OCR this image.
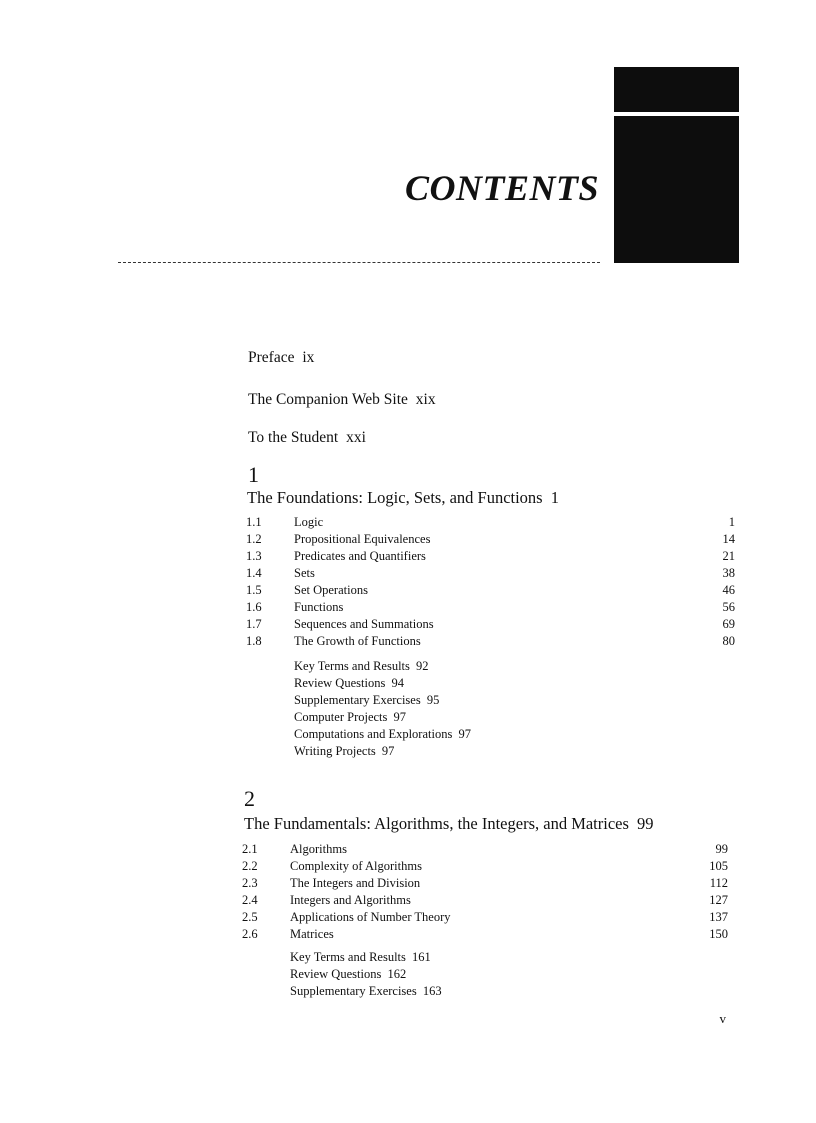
CONTENTS
Preface ix
The Companion Web Site xix
To the Student xxi
1
The Foundations: Logic, Sets, and Functions 1
1.1	Logic	1
1.2	Propositional Equivalences	14
1.3	Predicates and Quantifiers	21
1.4	Sets	38
1.5	Set Operations	46
1.6	Functions	56
1.7	Sequences and Summations	69
1.8	The Growth of Functions	80
Key Terms and Results 92
Review Questions 94
Supplementary Exercises 95
Computer Projects 97
Computations and Explorations 97
Writing Projects 97
2
The Fundamentals: Algorithms, the Integers, and Matrices 99
2.1	Algorithms	99
2.2	Complexity of Algorithms	105
2.3	The Integers and Division	112
2.4	Integers and Algorithms	127
2.5	Applications of Number Theory	137
2.6	Matrices	150
Key Terms and Results 161
Review Questions 162
Supplementary Exercises 163
v
